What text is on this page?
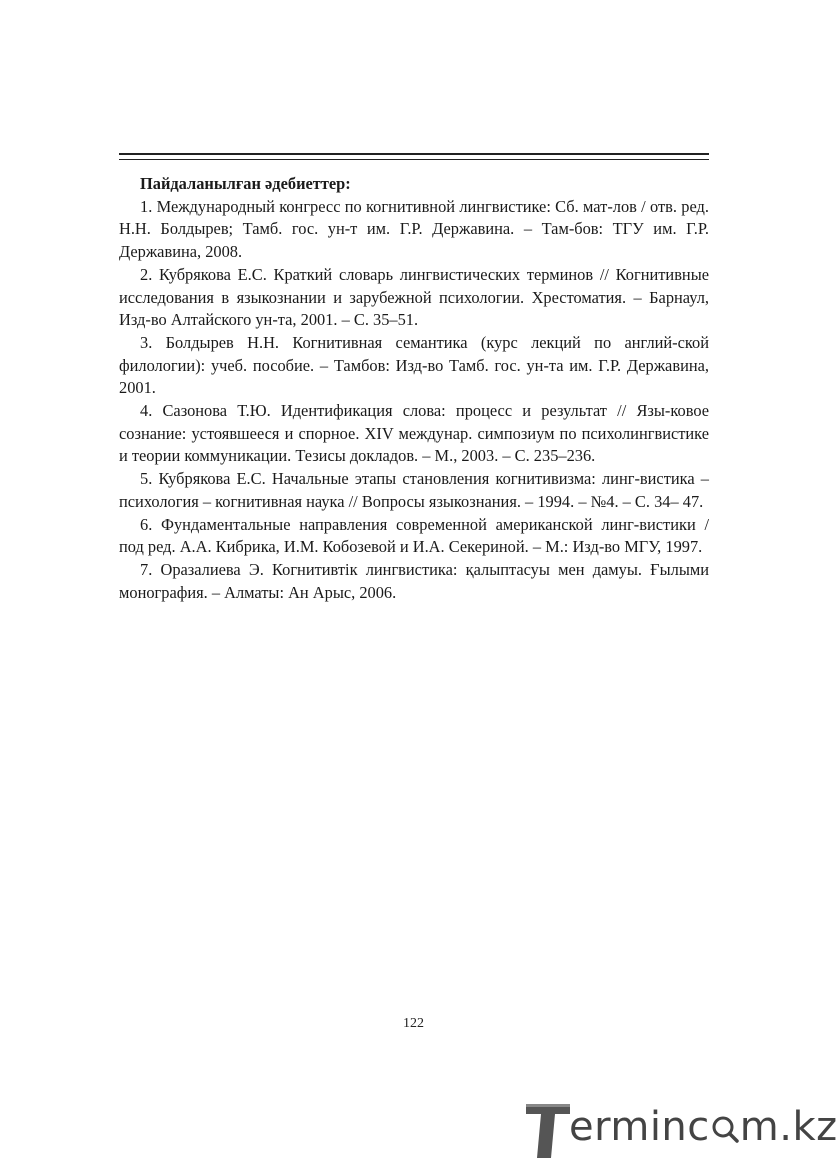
Пайдаланылған әдебиеттер:

1. Международный конгресс по когнитивной лингвистике: Сб. мат-лов / отв. ред. Н.Н. Болдырев; Тамб. гос. ун-т им. Г.Р. Державина. – Там-бов: ТГУ им. Г.Р. Державина, 2008.

2. Кубрякова Е.С. Краткий словарь лингвистических терминов // Когнитивные исследования в языкознании и зарубежной психологии. Хрестоматия. – Барнаул, Изд-во Алтайского ун-та, 2001. – С. 35–51.

3. Болдырев Н.Н. Когнитивная семантика (курс лекций по англий-ской филологии): учеб. пособие. – Тамбов: Изд-во Тамб. гос. ун-та им. Г.Р. Державина, 2001.

4. Сазонова Т.Ю. Идентификация слова: процесс и результат // Язы-ковое сознание: устоявшееся и спорное. XIV междунар. симпозиум по психолингвистике и теории коммуникации. Тезисы докладов. – М., 2003. – С. 235–236.

5. Кубрякова Е.С. Начальные этапы становления когнитивизма: линг-вистика – психология – когнитивная наука // Вопросы языкознания. – 1994. – №4. – С. 34– 47.

6. Фундаментальные направления современной американской линг-вистики / под ред. А.А. Кибрика, И.М. Кобозевой и И.А. Секериной. – М.: Изд-во МГУ, 1997.

7. Оразалиева Э. Когнитивтік лингвистика: қалыптасуы мен дамуы. Ғылыми монография. – Алматы: Ан Арыс, 2006.

122
erminc m.kz
